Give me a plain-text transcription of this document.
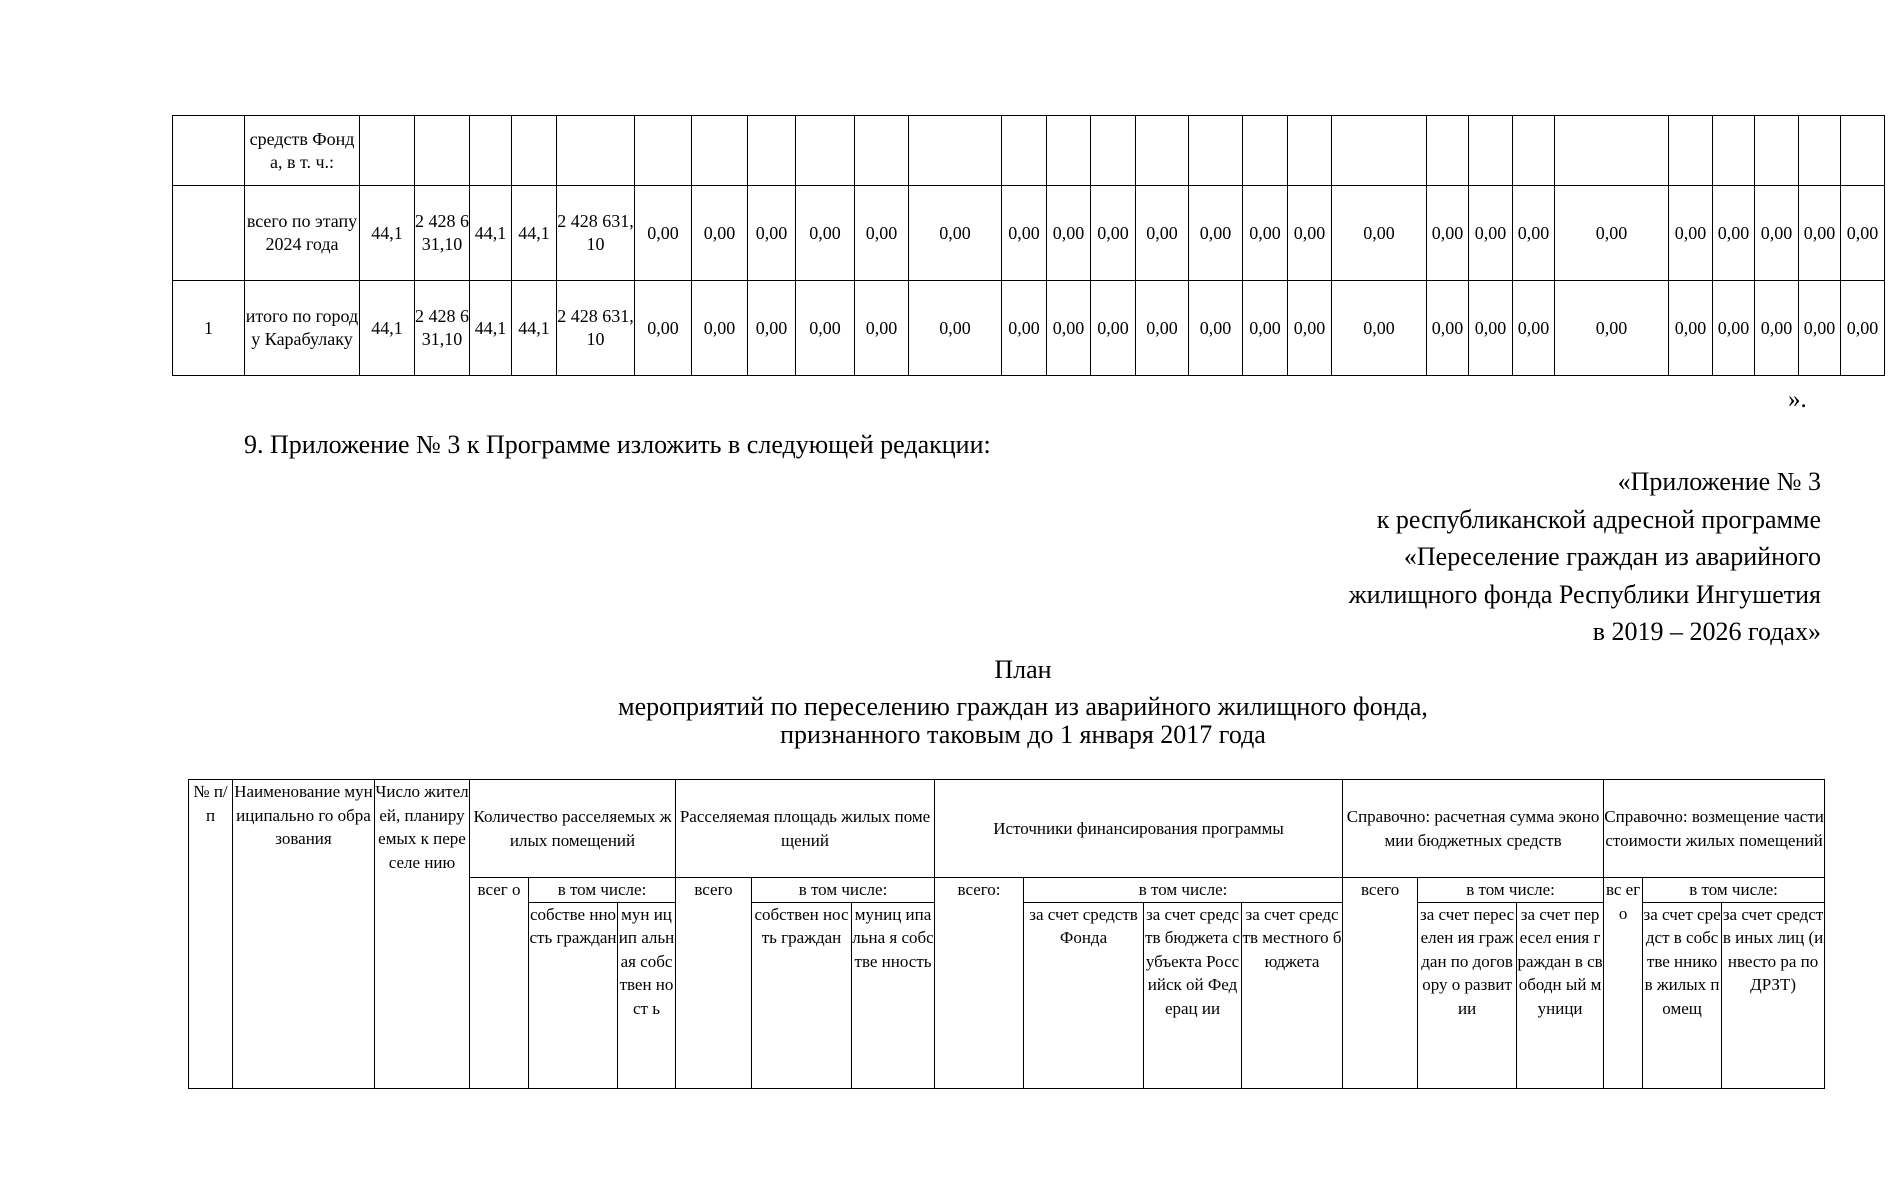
	средств Фонда, в т. ч.:																													
	всего по этапу 2024 года	44,1	2 428 631,10	44,1	44,1	2 428 631,10	0,00	0,00	0,00	0,00	0,00	0,00	0,00	0,00	0,00	0,00	0,00	0,00	0,00	0,00	0,00	0,00	0,00	0,00	0,00	0,00	0,00	0,00	0,00	
1	итого по городу Карабулаку	44,1	2 428 631,10	44,1	44,1	2 428 631,10	0,00	0,00	0,00	0,00	0,00	0,00	0,00	0,00	0,00	0,00	0,00	0,00	0,00	0,00	0,00	0,00	0,00	0,00	0,00	0,00	0,00	0,00	0,00	
».
9. Приложение № 3 к Программе изложить в следующей редакции:
«Приложение № 3
к республиканской адресной программе
«Переселение граждан из аварийного
жилищного фонда Республики Ингушетия
в 2019 – 2026 годах»
План
мероприятий по переселению граждан из аварийного жилищного фонда,
признанного таковым до 1 января 2017 года
№ п/ п	Наименование муниципально го образования	Число жителей, планиру емых к переселе нию	Количество расселяемых жилых помещений			Расселяемая площадь жилых помещений			Источники финансирования программы				Справочно: расчетная сумма экономии бюджетных средств			Справочно: возмещение части стоимости жилых помещений		
			всег о	в том числе:		всего	в том числе:		всего:	в том числе:			всего	в том числе:		вс ег о	в том числе:	
				собстве нность граждан	мун ицип альн ая собс твен ност ь		собствен ность граждан	муниц ипальна я собстве нность		за счет средств Фонда	за счет средств бюджета субъекта Российск ой Федерац ии	за счет средств местного бюджета		за счет переселен ия граждан по договору о развитии	за счет пересел ения граждан в свободн ый муници		за счет средст в собстве нников жилых помещ	за счет средств иных лиц (инвесто ра по ДРЗТ)
